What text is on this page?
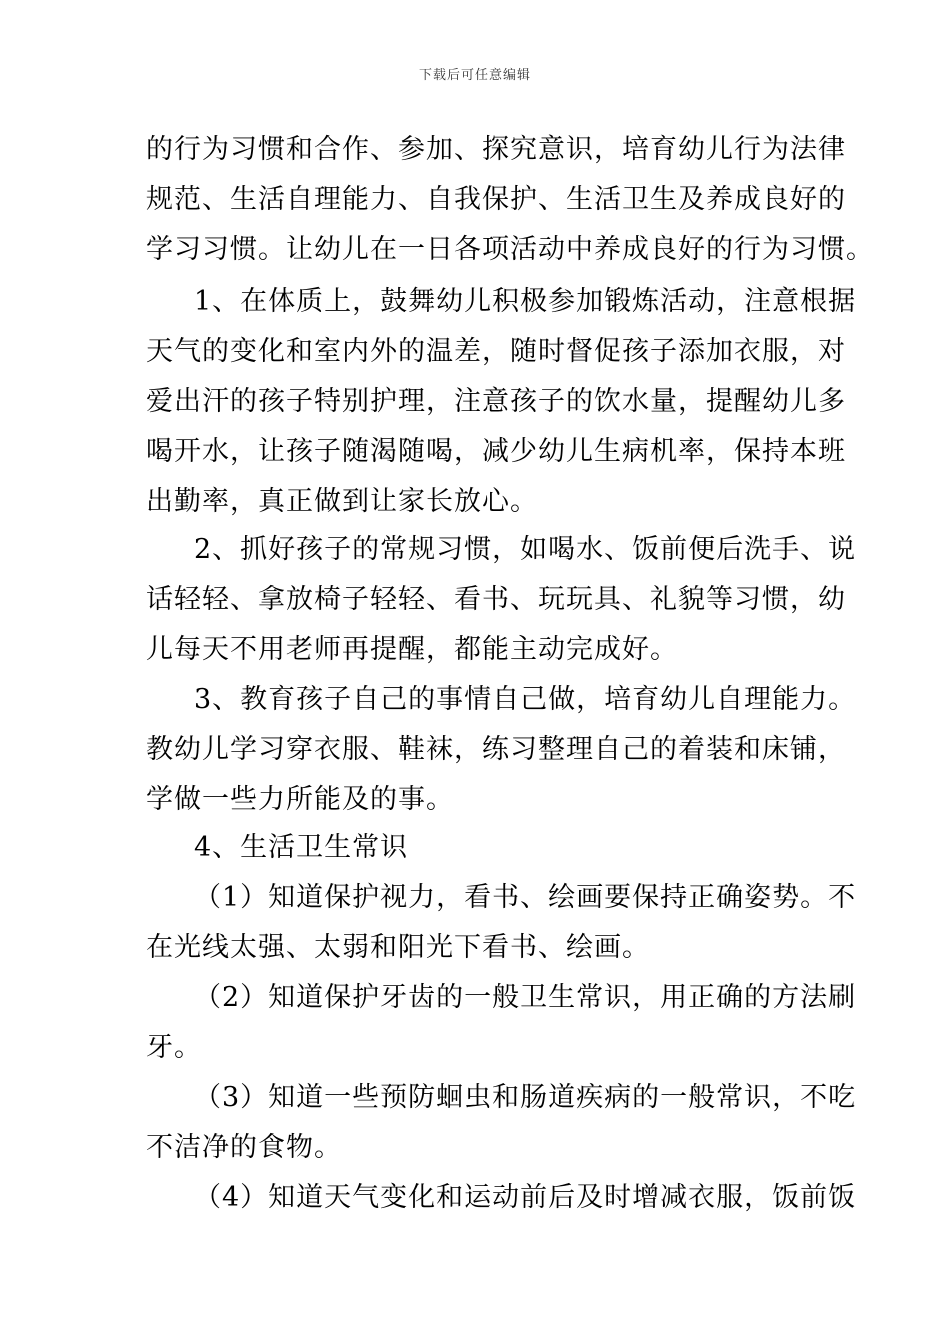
下载后可任意编辑
的行为习惯和合作、参加、探究意识，培育幼儿行为法律
规范、生活自理能力、自我保护、生活卫生及养成良好的
学习习惯。让幼儿在一日各项活动中养成良好的行为习惯。
1、在体质上，鼓舞幼儿积极参加锻炼活动，注意根据
天气的变化和室内外的温差，随时督促孩子添加衣服，对
爱出汗的孩子特别护理，注意孩子的饮水量，提醒幼儿多
喝开水，让孩子随渴随喝，减少幼儿生病机率，保持本班
出勤率，真正做到让家长放心。
2、抓好孩子的常规习惯，如喝水、饭前便后洗手、说
话轻轻、拿放椅子轻轻、看书、玩玩具、礼貌等习惯，幼
儿每天不用老师再提醒，都能主动完成好。
3、教育孩子自己的事情自己做，培育幼儿自理能力。
教幼儿学习穿衣服、鞋袜，练习整理自己的着装和床铺，
学做一些力所能及的事。
4、生活卫生常识
（1）知道保护视力，看书、绘画要保持正确姿势。不
在光线太强、太弱和阳光下看书、绘画。
（2）知道保护牙齿的一般卫生常识，用正确的方法刷
牙。
（3）知道一些预防蛔虫和肠道疾病的一般常识，不吃
不洁净的食物。
（4）知道天气变化和运动前后及时增减衣服，饭前饭
